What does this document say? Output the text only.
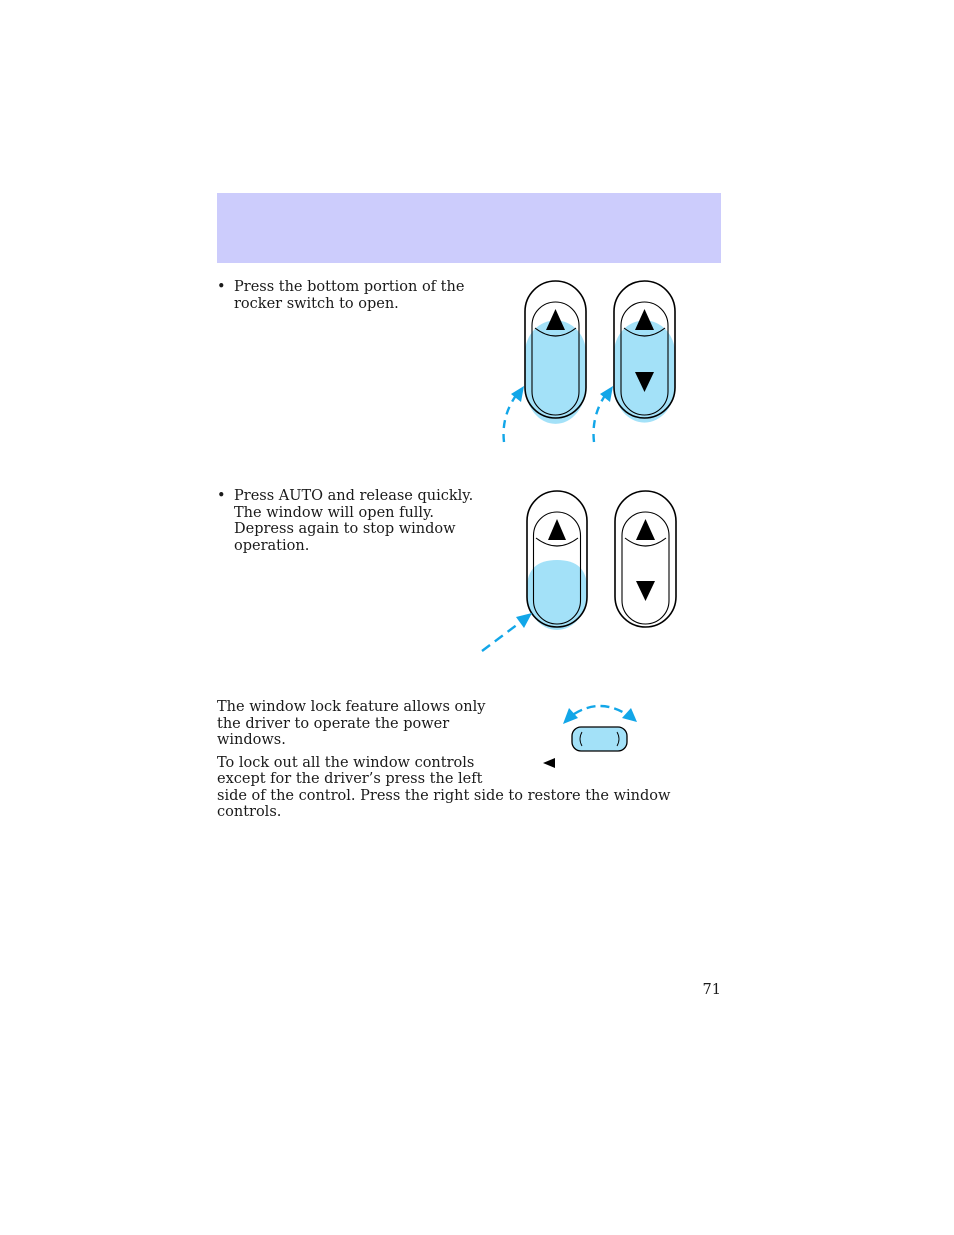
• Press the bottom portion of the
rocker switch to open.
• Press AUTO and release quickly.
The window will open fully.
Depress again to stop window
operation.
The window lock feature allows only
the driver to operate the power
windows.
To lock out all the window controls
except for the driver’s press the left
side of the control. Press the right side to restore the window controls.
71
